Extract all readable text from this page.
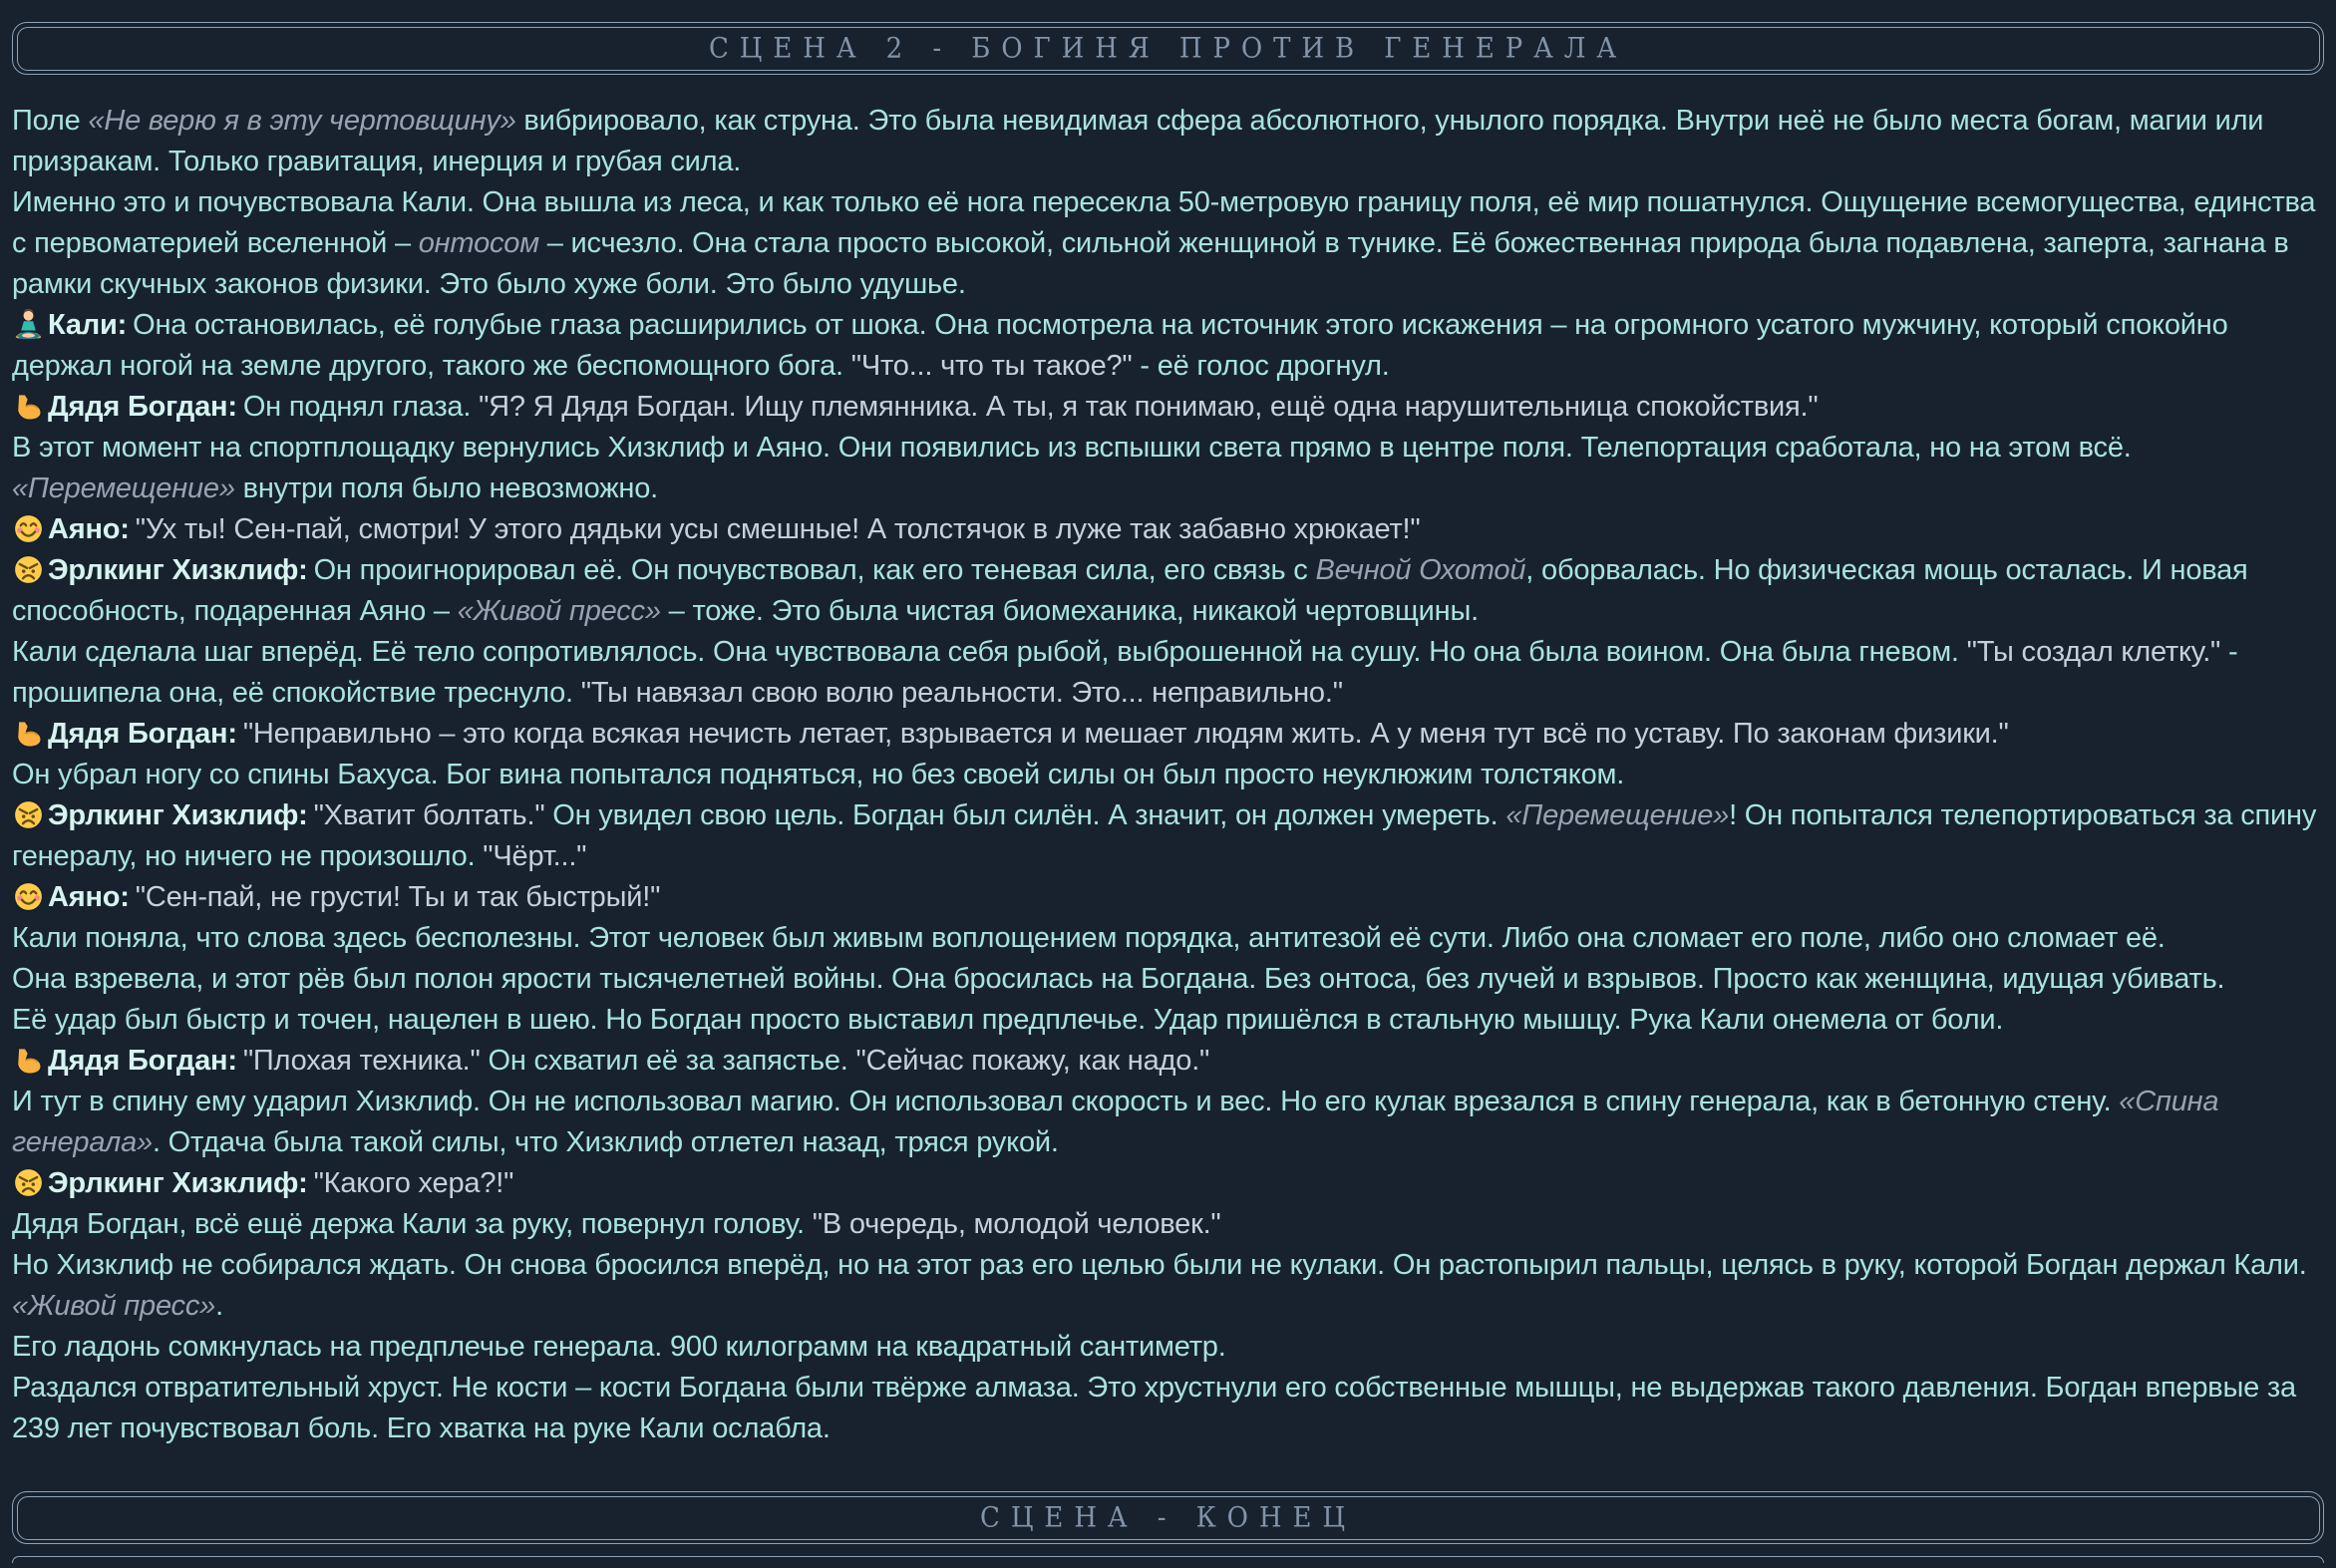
СЦЕНА 2 - БОГИНЯ ПРОТИВ ГЕНЕРАЛА
Поле «Не верю я в эту чертовщину» вибрировало, как струна. Это была невидимая сфера абсолютного, унылого порядка. Внутри неё не было места богам, магии или призракам. Только гравитация, инерция и грубая сила.
Именно это и почувствовала Кали. Она вышла из леса, и как только её нога пересекла 50-метровую границу поля, её мир пошатнулся. Ощущение всемогущества, единства с первоматерией вселенной – онтосом – исчезло. Она стала просто высокой, сильной женщиной в тунике. Её божественная природа была подавлена, заперта, загнана в рамки скучных законов физики. Это было хуже боли. Это было удушье.
Кали: Она остановилась, её голубые глаза расширились от шока. Она посмотрела на источник этого искажения – на огромного усатого мужчину, который спокойно держал ногой на земле другого, такого же беспомощного бога. "Что... что ты такое?" - её голос дрогнул.
Дядя Богдан: Он поднял глаза. "Я? Я Дядя Богдан. Ищу племянника. А ты, я так понимаю, ещё одна нарушительница спокойствия."
В этот момент на спортплощадку вернулись Хизклиф и Аяно. Они появились из вспышки света прямо в центре поля. Телепортация сработала, но на этом всё. «Перемещение» внутри поля было невозможно.
Аяно: "Ух ты! Сен-пай, смотри! У этого дядьки усы смешные! А толстячок в луже так забавно хрюкает!"
Эрлкинг Хизклиф: Он проигнорировал её. Он почувствовал, как его теневая сила, его связь с Вечной Охотой, оборвалась. Но физическая мощь осталась. И новая способность, подаренная Аяно – «Живой пресс» – тоже. Это была чистая биомеханика, никакой чертовщины.
Кали сделала шаг вперёд. Её тело сопротивлялось. Она чувствовала себя рыбой, выброшенной на сушу. Но она была воином. Она была гневом. "Ты создал клетку." - прошипела она, её спокойствие треснуло. "Ты навязал свою волю реальности. Это... неправильно."
Дядя Богдан: "Неправильно – это когда всякая нечисть летает, взрывается и мешает людям жить. А у меня тут всё по уставу. По законам физики."
Он убрал ногу со спины Бахуса. Бог вина попытался подняться, но без своей силы он был просто неуклюжим толстяком.
Эрлкинг Хизклиф: "Хватит болтать." Он увидел свою цель. Богдан был силён. А значит, он должен умереть. «Перемещение»! Он попытался телепортироваться за спину генералу, но ничего не произошло. "Чёрт..."
Аяно: "Сен-пай, не грусти! Ты и так быстрый!"
Кали поняла, что слова здесь бесполезны. Этот человек был живым воплощением порядка, антитезой её сути. Либо она сломает его поле, либо оно сломает её.
Она взревела, и этот рёв был полон ярости тысячелетней войны. Она бросилась на Богдана. Без онтоса, без лучей и взрывов. Просто как женщина, идущая убивать.
Её удар был быстр и точен, нацелен в шею. Но Богдан просто выставил предплечье. Удар пришёлся в стальную мышцу. Рука Кали онемела от боли.
Дядя Богдан: "Плохая техника." Он схватил её за запястье. "Сейчас покажу, как надо."
И тут в спину ему ударил Хизклиф. Он не использовал магию. Он использовал скорость и вес. Но его кулак врезался в спину генерала, как в бетонную стену. «Спина генерала». Отдача была такой силы, что Хизклиф отлетел назад, тряся рукой.
Эрлкинг Хизклиф: "Какого хера?!"
Дядя Богдан, всё ещё держа Кали за руку, повернул голову. "В очередь, молодой человек."
Но Хизклиф не собирался ждать. Он снова бросился вперёд, но на этот раз его целью были не кулаки. Он растопырил пальцы, целясь в руку, которой Богдан держал Кали. «Живой пресс».
Его ладонь сомкнулась на предплечье генерала. 900 килограмм на квадратный сантиметр.
Раздался отвратительный хруст. Не кости – кости Богдана были твёрже алмаза. Это хрустнули его собственные мышцы, не выдержав такого давления. Богдан впервые за 239 лет почувствовал боль. Его хватка на руке Кали ослабла.
СЦЕНА - КОНЕЦ
